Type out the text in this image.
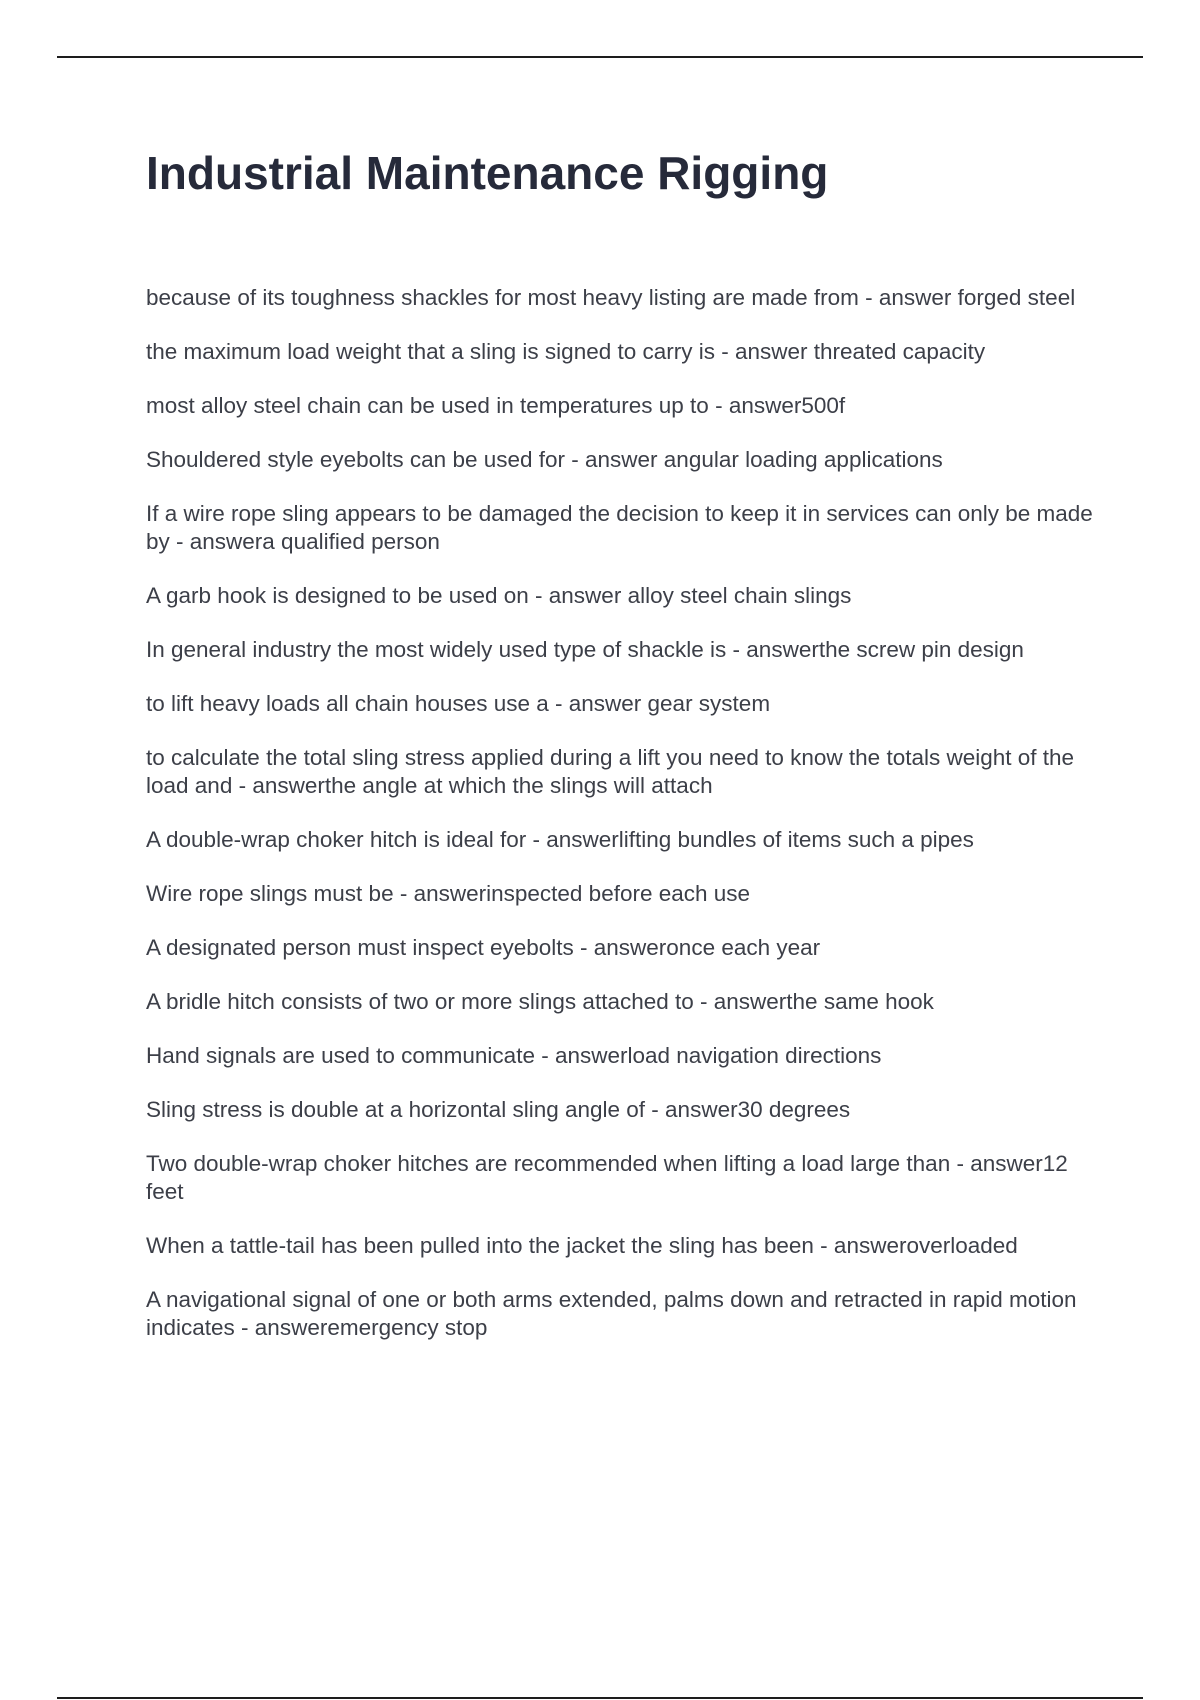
Industrial Maintenance Rigging
because of its toughness shackles for most heavy listing are made from - answer forged steel
the maximum load weight that a sling is signed to carry is - answer threated capacity
most alloy steel chain can be used in temperatures up to - answer500f
Shouldered style eyebolts can be used for - answer angular loading applications
If a wire rope sling appears to be damaged the decision to keep it in services can only be made by - answera qualified person
A garb hook is designed to be used on - answer alloy steel chain slings
In general industry the most widely used type of shackle is - answerthe screw pin design
to lift heavy loads all chain houses use a - answer gear system
to calculate the total sling stress applied during a lift you need to know the totals weight of the load and - answerthe angle at which the slings will attach
A double-wrap choker hitch is ideal for - answerlifting bundles of items such a pipes
Wire rope slings must be - answerinspected before each use
A designated person must inspect eyebolts - answeronce each year
A bridle hitch consists of two or more slings attached to - answerthe same hook
Hand signals are used to communicate - answerload navigation directions
Sling stress is double at a horizontal sling angle of - answer30 degrees
Two double-wrap choker hitches are recommended when lifting a load large than - answer12 feet
When a tattle-tail has been pulled into the jacket the sling has been - answeroverloaded
A navigational signal of one or both arms extended, palms down and retracted in rapid motion indicates - answeremergency stop
